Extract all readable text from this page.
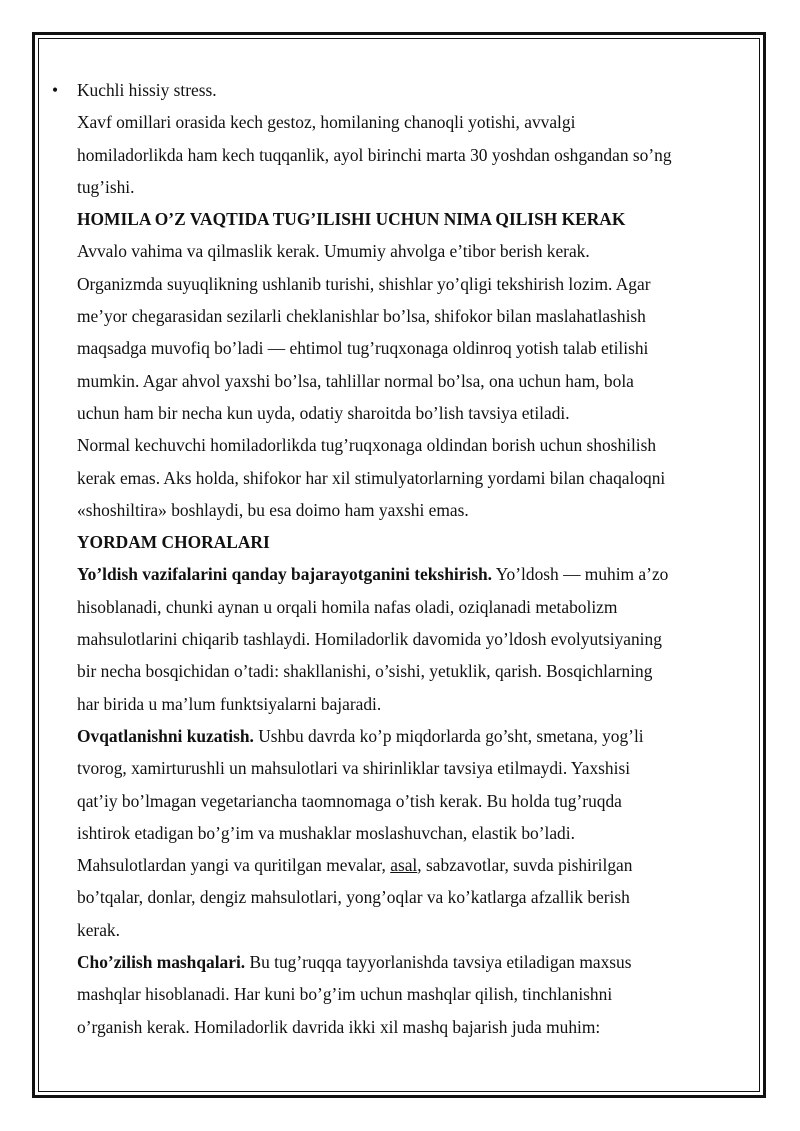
• Kuchli hissiy stress.
Xavf omillari orasida kech gestoz, homilaning chanoqli yotishi, avvalgi
homiladorlikda ham kech tuqqanlik, ayol birinchi marta 30 yoshdan oshgandan so’ng
tug’ishi.
HOMILA O’Z VAQTIDA TUG’ILISHI UCHUN NIMA QILISH KERAK
Avvalo vahima va qilmaslik kerak. Umumiy ahvolga e’tibor berish kerak.
Organizmda suyuqlikning ushlanib turishi, shishlar yo’qligi tekshirish lozim. Agar
me’yor chegarasidan sezilarli cheklanishlar bo’lsa, shifokor bilan maslahatlashish
maqsadga muvofiq bo’ladi — ehtimol tug’ruqxonaga oldinroq yotish talab etilishi
mumkin. Agar ahvol yaxshi bo’lsa, tahlillar normal bo’lsa, ona uchun ham, bola
uchun ham bir necha kun uyda, odatiy sharoitda bo’lish tavsiya etiladi.
Normal kechuvchi homiladorlikda tug’ruqxonaga oldindan borish uchun shoshilish
kerak emas. Aks holda, shifokor har xil stimulyatorlarning yordami bilan chaqaloqni
«shoshiltira» boshlaydi, bu esa doimo ham yaxshi emas.
YORDAM CHORALARI
Yo’ldish vazifalarini qanday bajarayotganini tekshirish. Yo’ldosh — muhim a’zo
hisoblanadi, chunki aynan u orqali homila nafas oladi, oziqlanadi metabolizm
mahsulotlarini chiqarib tashlaydi. Homiladorlik davomida yo’ldosh evolyutsiyaning
bir necha bosqichidan o’tadi: shakllanishi, o’sishi, yetuklik, qarish. Bosqichlarning
har birida u ma’lum funktsiyalarni bajaradi.
Ovqatlanishni kuzatish. Ushbu davrda ko’p miqdorlarda go’sht, smetana, yog’li
tvorog, xamirturushli un mahsulotlari va shirinliklar tavsiya etilmaydi. Yaxshisi
qat’iy bo’lmagan vegetariancha taomnomaga o’tish kerak. Bu holda tug’ruqda
ishtirok etadigan bo’g’im va mushaklar moslashuvchan, elastik bo’ladi.
Mahsulotlardan yangi va quritilgan mevalar, asal, sabzavotlar, suvda pishirilgan
bo’tqalar, donlar, dengiz mahsulotlari, yong’oqlar va ko’katlarga afzallik berish
kerak.
Cho’zilish mashqalari. Bu tug’ruqqa tayyorlanishda tavsiya etiladigan maxsus
mashqlar hisoblanadi. Har kuni bo’g’im uchun mashqlar qilish, tinchlanishni
o’rganish kerak. Homiladorlik davrida ikki xil mashq bajarish juda muhim:
